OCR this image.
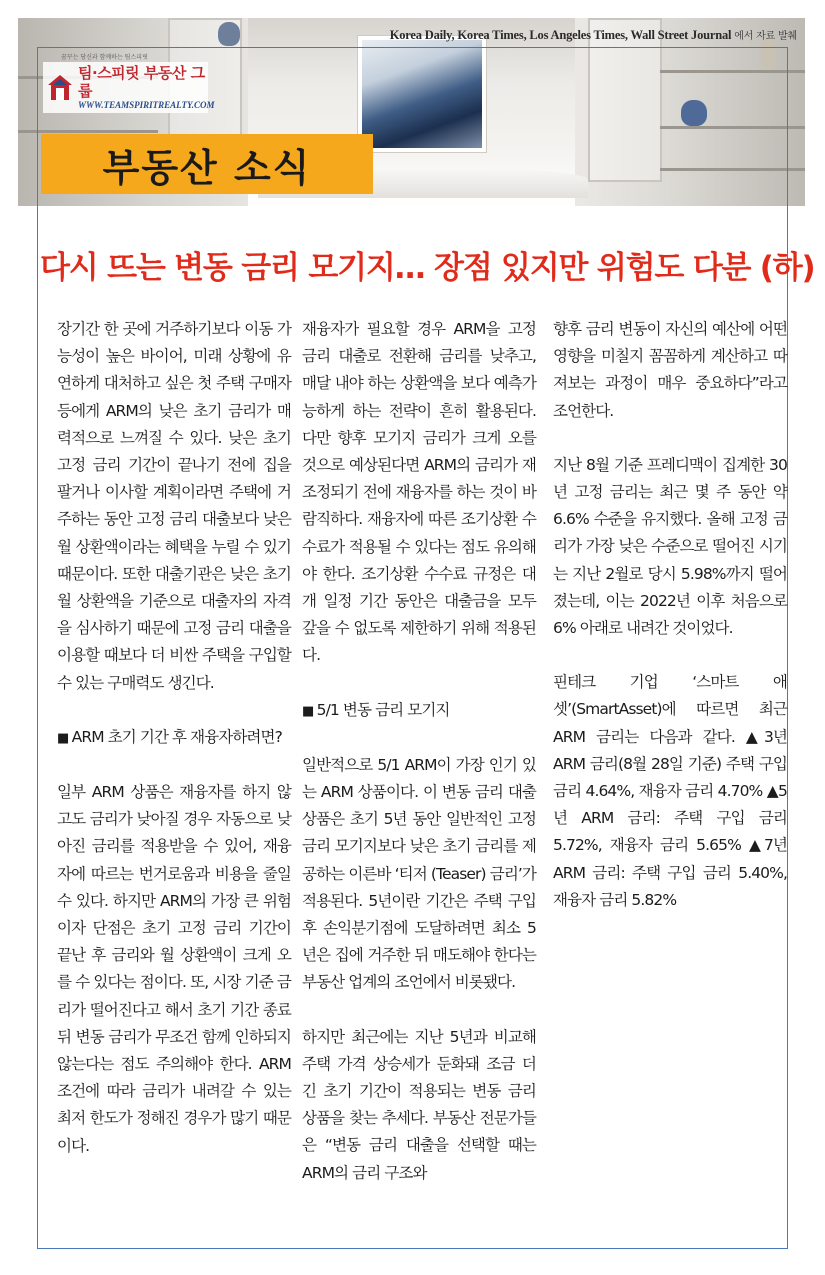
Korea Daily, Korea Times, Los Angeles Times, Wall Street Journal 에서 자료 발췌
꿈꾸는 당신과 함께하는 팀스피릿
팀·스피릿 부동산 그룹
WWW.TEAMSPIRITREALTY.COM
부동산 소식
다시 뜨는 변동 금리 모기지… 장점 있지만 위험도 다분 (하)

장기간 한 곳에 거주하기보다 이동 가능성이 높은 바이어, 미래 상황에 유연하게 대처하고 싶은 첫 주택 구매자 등에게 ARM의 낮은 초기 금리가 매력적으로 느껴질 수 있다. 낮은 초기 고정 금리 기간이 끝나기 전에 집을 팔거나 이사할 계획이라면 주택에 거주하는 동안 고정 금리 대출보다 낮은 월 상환액이라는 혜택을 누릴 수 있기 때문이다. 또한 대출기관은 낮은 초기 월 상환액을 기준으로 대출자의 자격을 심사하기 때문에 고정 금리 대출을 이용할 때보다 더 비싼 주택을 구입할 수 있는 구매력도 생긴다.

■ ARM 초기 기간 후 재융자하려면?

일부 ARM 상품은 재융자를 하지 않고도 금리가 낮아질 경우 자동으로 낮아진 금리를 적용받을 수 있어, 재융자에 따르는 번거로움과 비용을 줄일 수 있다. 하지만 ARM의 가장 큰 위험이자 단점은 초기 고정 금리 기간이 끝난 후 금리와 월 상환액이 크게 오를 수 있다는 점이다. 또, 시장 기준 금리가 떨어진다고 해서 초기 기간 종료 뒤 변동 금리가 무조건 함께 인하되지 않는다는 점도 주의해야 한다. ARM 조건에 따라 금리가 내려갈 수 있는 최저 한도가 정해진 경우가 많기 때문이다.

재융자가 필요할 경우 ARM을 고정 금리 대출로 전환해 금리를 낮추고, 매달 내야 하는 상환액을 보다 예측가능하게 하는 전략이 흔히 활용된다. 다만 향후 모기지 금리가 크게 오를 것으로 예상된다면 ARM의 금리가 재조정되기 전에 재융자를 하는 것이 바람직하다. 재융자에 따른 조기상환 수수료가 적용될 수 있다는 점도 유의해야 한다. 조기상환 수수료 규정은 대개 일정 기간 동안은 대출금을 모두 갚을 수 없도록 제한하기 위해 적용된다.

■ 5/1 변동 금리 모기지

일반적으로 5/1 ARM이 가장 인기 있는 ARM 상품이다. 이 변동 금리 대출 상품은 초기 5년 동안 일반적인 고정 금리 모기지보다 낮은 초기 금리를 제공하는 이른바 ‘티저 (Teaser) 금리’가 적용된다. 5년이란 기간은 주택 구입 후 손익분기점에 도달하려면 최소 5년은 집에 거주한 뒤 매도해야 한다는 부동산 업계의 조언에서 비롯됐다.

하지만 최근에는 지난 5년과 비교해 주택 가격 상승세가 둔화돼 조금 더 긴 초기 기간이 적용되는 변동 금리 상품을 찾는 추세다. 부동산 전문가들은 “변동 금리 대출을 선택할 때는 ARM의 금리 구조와

향후 금리 변동이 자신의 예산에 어떤 영향을 미칠지 꼼꼼하게 계산하고 따져보는 과정이 매우 중요하다”라고 조언한다.

지난 8월 기준 프레디맥이 집계한 30년 고정 금리는 최근 몇 주 동안 약 6.6% 수준을 유지했다. 올해 고정 금리가 가장 낮은 수준으로 떨어진 시기는 지난 2월로 당시 5.98%까지 떨어졌는데, 이는 2022년 이후 처음으로 6% 아래로 내려간 것이었다.

핀테크 기업 ‘스마트 애셋’(SmartAsset)에 따르면 최근 ARM 금리는 다음과 같다. ▲3년 ARM 금리(8월 28일 기준) 주택 구입 금리 4.64%, 재융자 금리 4.70% ▲5년 ARM 금리: 주택 구입 금리 5.72%, 재융자 금리 5.65% ▲7년 ARM 금리: 주택 구입 금리 5.40%, 재융자 금리 5.82%
